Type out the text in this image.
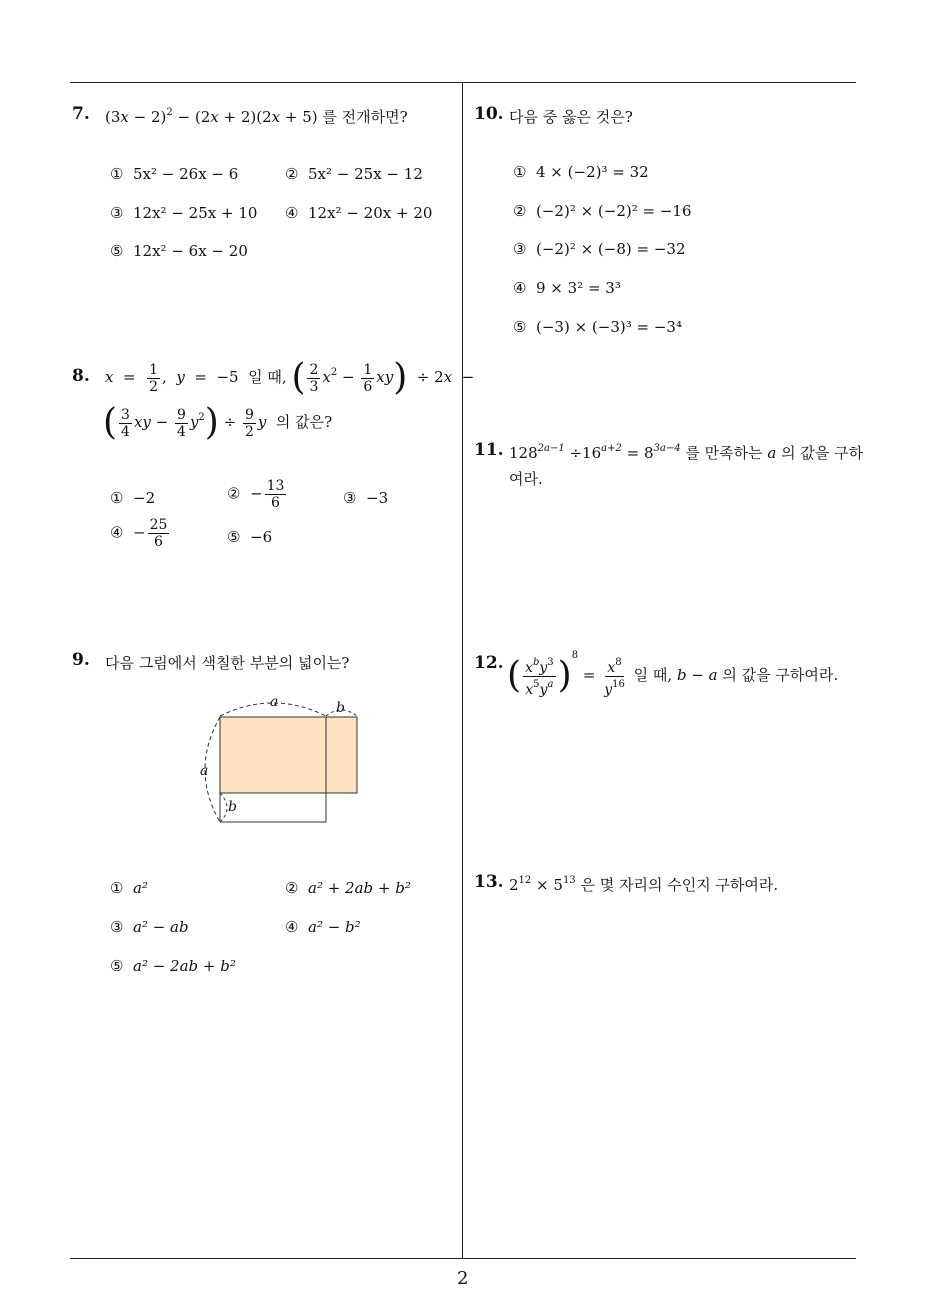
7. $(3x - 2)^2 - (2x + 2)(2x + 5)$ 를 전개하면?
① 5x² − 26x − 6	② 5x² − 25x − 12
③ 12x² − 25x + 10 ④ 12x² − 20x + 20
⑤ 12x² − 6x − 20
8. $x = \frac{1}{2}$ ,  y  =  −5  일 때, ( $\frac{2}{3} x^2 - \frac{1}{6} xy) \div 2x$  −
( $\frac{3}{4}$ xy − $\frac{9}{4} y^2) \div \frac{9}{2}$ y 의 값은?
① −2	②  − $\frac{13}{6}$	③ −3
④  − $\frac{25}{6}$	⑤ −6
9. 다음 그림에서 색칠한 부분의 넓이는?
a	b
a
b
① a²	② a² + 2ab + b²
③ a² − ab	④ a² − b²
⑤ a² − 2ab + b²
10. 다음 중 옳은 것은?
① 4 × (−2)³ = 32
② (−2)² × (−2)² = −16
③ (−2)² × (−8) = −32
④ 9 × 3² = 3³
⑤ (−3) × (−3)³ = −3⁴
11. $128^{2a-1} \div 16^{a+2} = 8^{3a-4}$ 를 만족하는 a 의 값을 구하
여라.
12. ( $\frac{x^by^3}{x^5y^a} )^8 = \frac{x^8}{y^{16}}$ 일 때, b − a 의 값을 구하여라.
13. $2^{12} \times 5^{13}$ 은 몇 자리의 수인지 구하여라.
2
